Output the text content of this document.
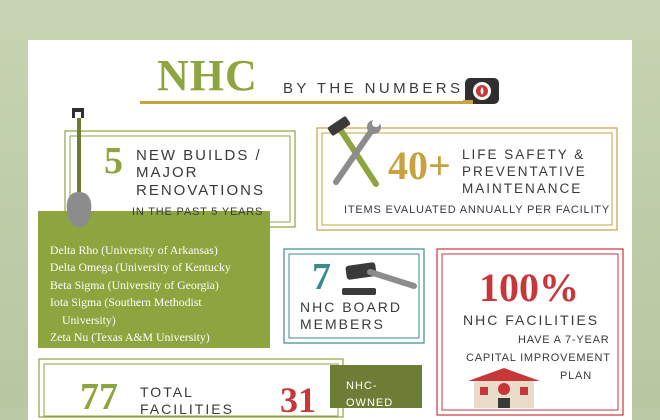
NHC BY THE NUMBERS
5 NEW BUILDS /
MAJOR
RENOVATIONS
IN THE PAST 5 YEARS
Delta Rho (University of Arkansas)
Delta Omega (University of Kentucky
Beta Sigma (University of Georgia)
Iota Sigma (Southern Methodist
University)
Zeta Nu (Texas A&M University)
40+ LIFE SAFETY &
PREVENTATIVE
MAINTENANCE
ITEMS EVALUATED ANNUALLY PER FACILITY
7
NHC BOARD
MEMBERS
100%
NHC FACILITIES
HAVE A 7-YEAR
CAPITAL IMPROVEMENT
PLAN
77 TOTAL
FACILITIES 31	NHC-
OWNED
